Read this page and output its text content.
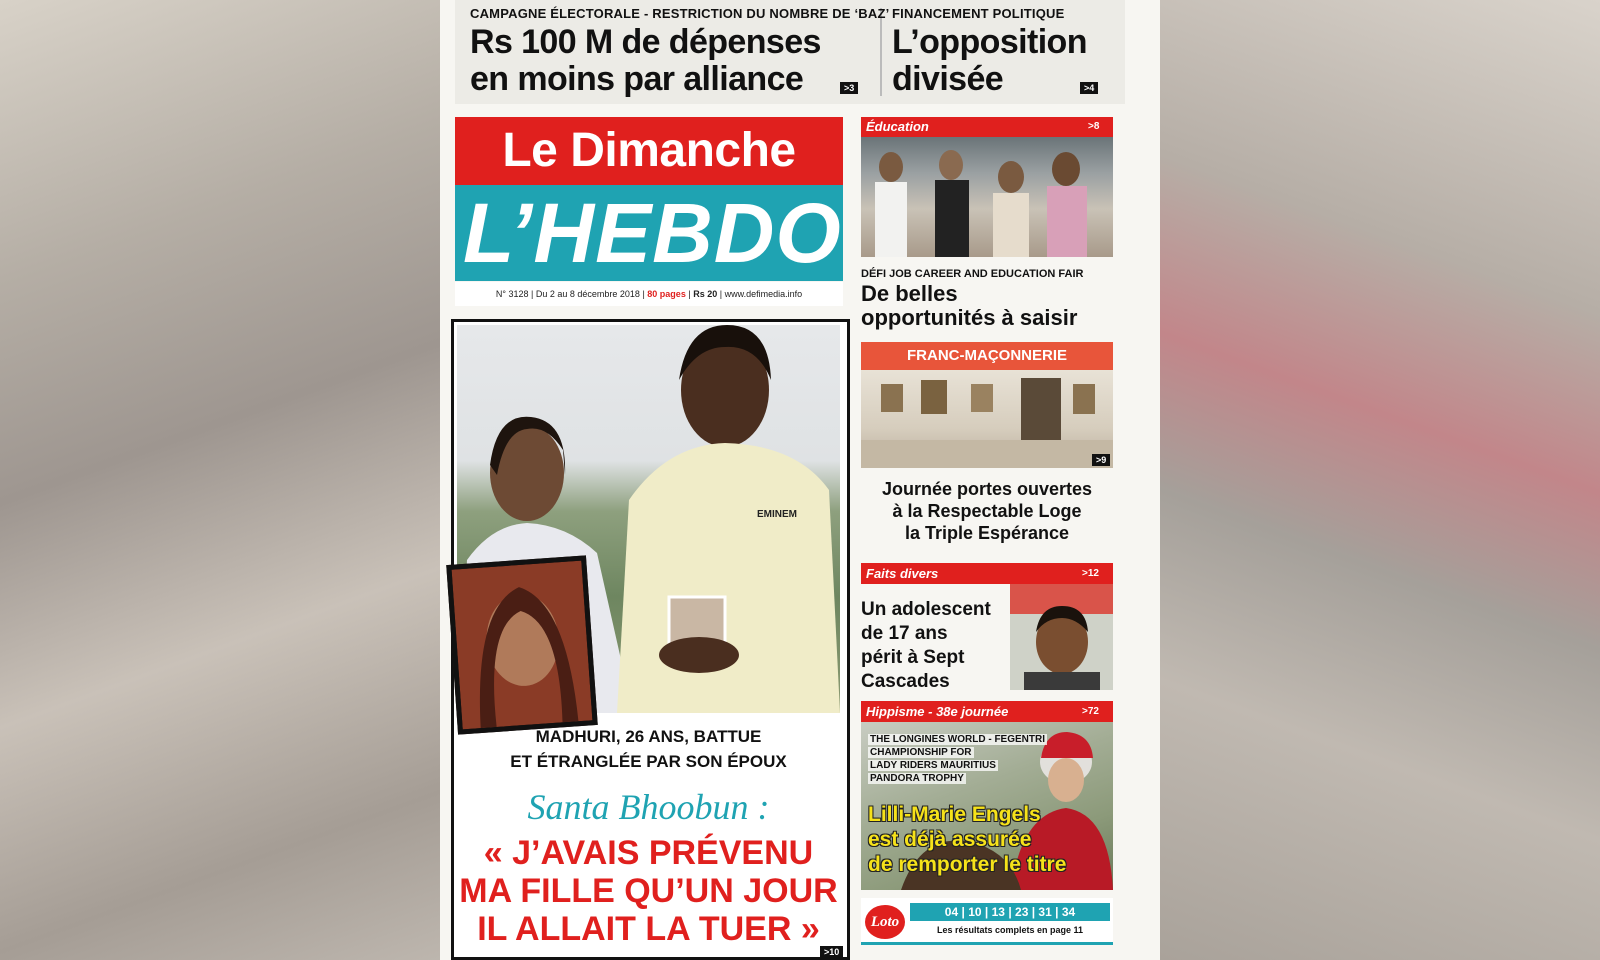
CAMPAGNE ÉLECTORALE - RESTRICTION DU NOMBRE DE ‘BAZ’
Rs 100 M de dépenses
en moins par alliance	>3
FINANCEMENT POLITIQUE
L’opposition
divisée	>4
Le Dimanche
L’HEBDO
N° 3128 | Du 2 au 8 décembre 2018 | 80 pages | Rs 20 | www.defimedia.info
EMINEM
MADHURI, 26 ANS, BATTUE
ET ÉTRANGLÉE PAR SON ÉPOUX
Santa Bhoobun :
« J’AVAIS PRÉVENU
MA FILLE QU’UN JOUR
IL ALLAIT LA TUER »
>10
Éducation	>8
DÉFI JOB CAREER AND EDUCATION FAIR
De belles
opportunités à saisir
FRANC-MAÇONNERIE
>9
Journée portes ouvertes
à la Respectable Loge
la Triple Espérance
Faits divers	>12
Un adolescent
de 17 ans
périt à Sept
Cascades
Hippisme - 38e journée	>72
THE LONGINES WORLD - FEGENTRI
CHAMPIONSHIP FOR
LADY RIDERS MAURITIUS
PANDORA TROPHY
Lilli-Marie Engels
est déjà assurée
de remporter le titre
Loto
04 | 10 | 13 | 23 | 31 | 34
Les résultats complets en page 11
